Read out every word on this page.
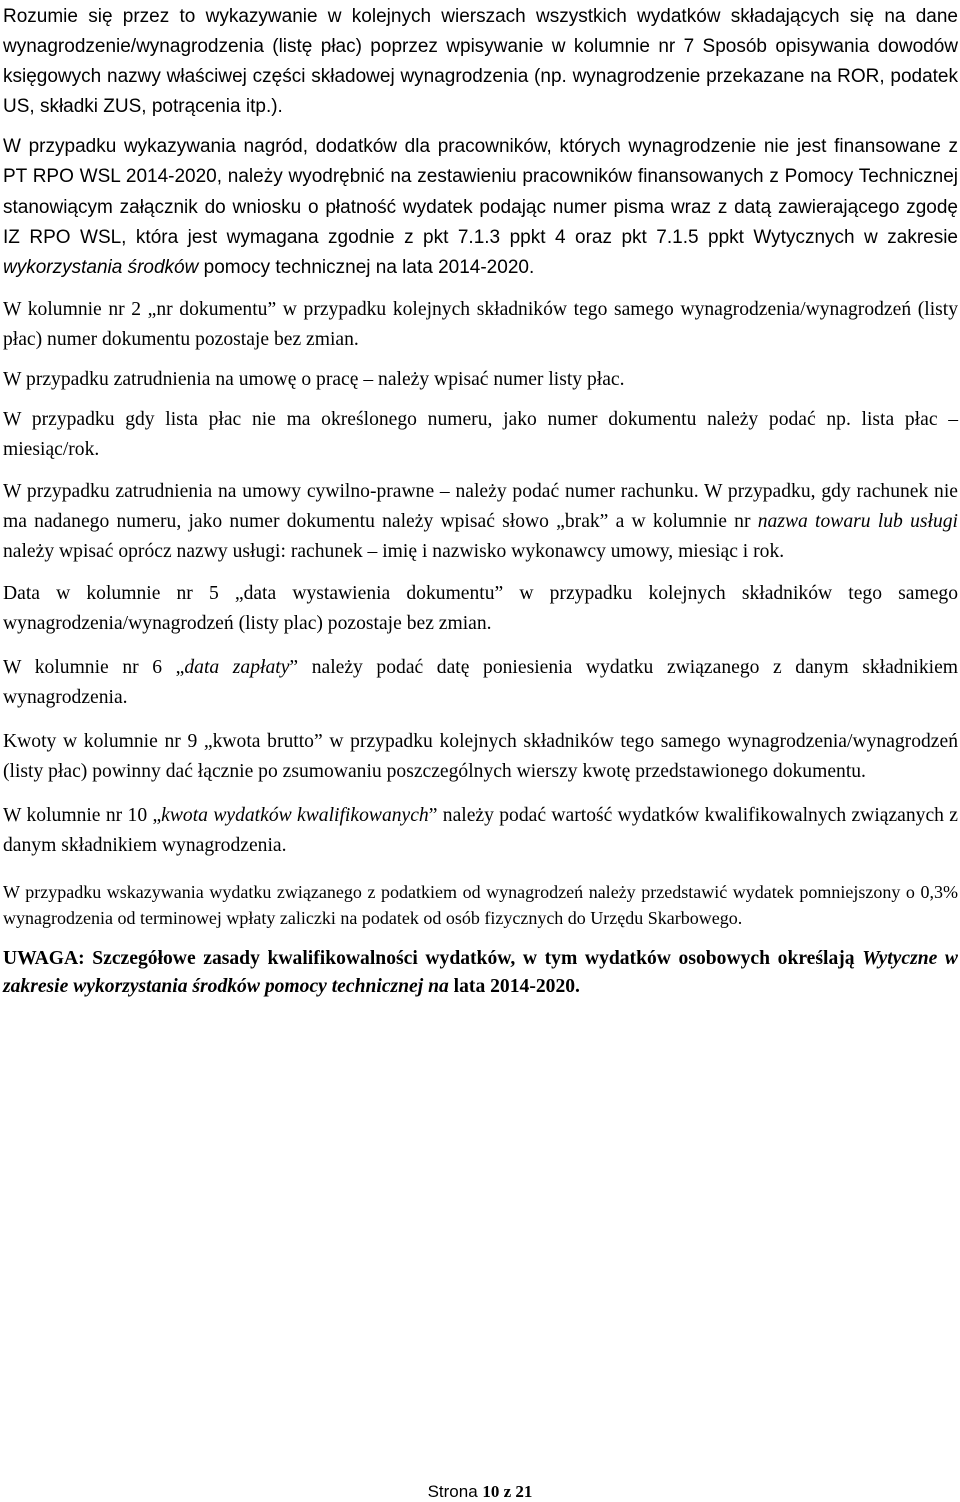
Rozumie się przez to wykazywanie w kolejnych wierszach wszystkich wydatków składających się na dane wynagrodzenie/wynagrodzenia (listę płac) poprzez wpisywanie w kolumnie nr 7 Sposób opisywania dowodów księgowych nazwy właściwej części składowej wynagrodzenia (np. wynagrodzenie przekazane na ROR, podatek US, składki ZUS, potrącenia itp.).

W przypadku wykazywania nagród, dodatków dla pracowników, których wynagrodzenie nie jest finansowane z PT RPO WSL 2014-2020, należy wyodrębnić na zestawieniu pracowników finansowanych z Pomocy Technicznej stanowiącym załącznik do wniosku o płatność wydatek podając numer pisma wraz z datą zawierającego zgodę IZ RPO WSL, która jest wymagana zgodnie z pkt 7.1.3 ppkt 4 oraz pkt 7.1.5 ppkt Wytycznych w zakresie wykorzystania środków pomocy technicznej na lata 2014-2020.

W kolumnie nr 2 „nr dokumentu” w przypadku kolejnych składników tego samego wynagrodzenia/wynagrodzeń (listy płac) numer dokumentu pozostaje bez zmian.

W przypadku zatrudnienia na umowę o pracę – należy wpisać numer listy płac.

W przypadku gdy lista płac nie ma określonego numeru, jako numer dokumentu należy podać np. lista płac – miesiąc/rok.

W przypadku zatrudnienia na umowy cywilno-prawne – należy podać numer rachunku. W przypadku, gdy rachunek nie ma nadanego numeru, jako numer dokumentu należy wpisać słowo „brak” a w kolumnie nr nazwa towaru lub usługi należy wpisać oprócz nazwy usługi: rachunek – imię i nazwisko wykonawcy umowy, miesiąc i rok.

Data w kolumnie nr 5 „data wystawienia dokumentu” w przypadku kolejnych składników tego samego wynagrodzenia/wynagrodzeń (listy plac) pozostaje bez zmian.

W kolumnie nr 6 „data zapłaty” należy podać datę poniesienia wydatku związanego z danym składnikiem wynagrodzenia.

Kwoty w kolumnie nr 9 „kwota brutto” w przypadku kolejnych składników tego samego wynagrodzenia/wynagrodzeń (listy płac) powinny dać łącznie po zsumowaniu poszczególnych wierszy kwotę przedstawionego dokumentu.

W kolumnie nr 10 „kwota wydatków kwalifikowanych” należy podać wartość wydatków kwalifikowalnych związanych z danym składnikiem wynagrodzenia.

W przypadku wskazywania wydatku związanego z podatkiem od wynagrodzeń należy przedstawić wydatek pomniejszony o 0,3% wynagrodzenia od terminowej wpłaty zaliczki na podatek od osób fizycznych do Urzędu Skarbowego.

UWAGA: Szczegółowe zasady kwalifikowalności wydatków, w tym wydatków osobowych określają Wytyczne w zakresie wykorzystania środków pomocy technicznej na lata 2014-2020.

Strona 10 z 21
